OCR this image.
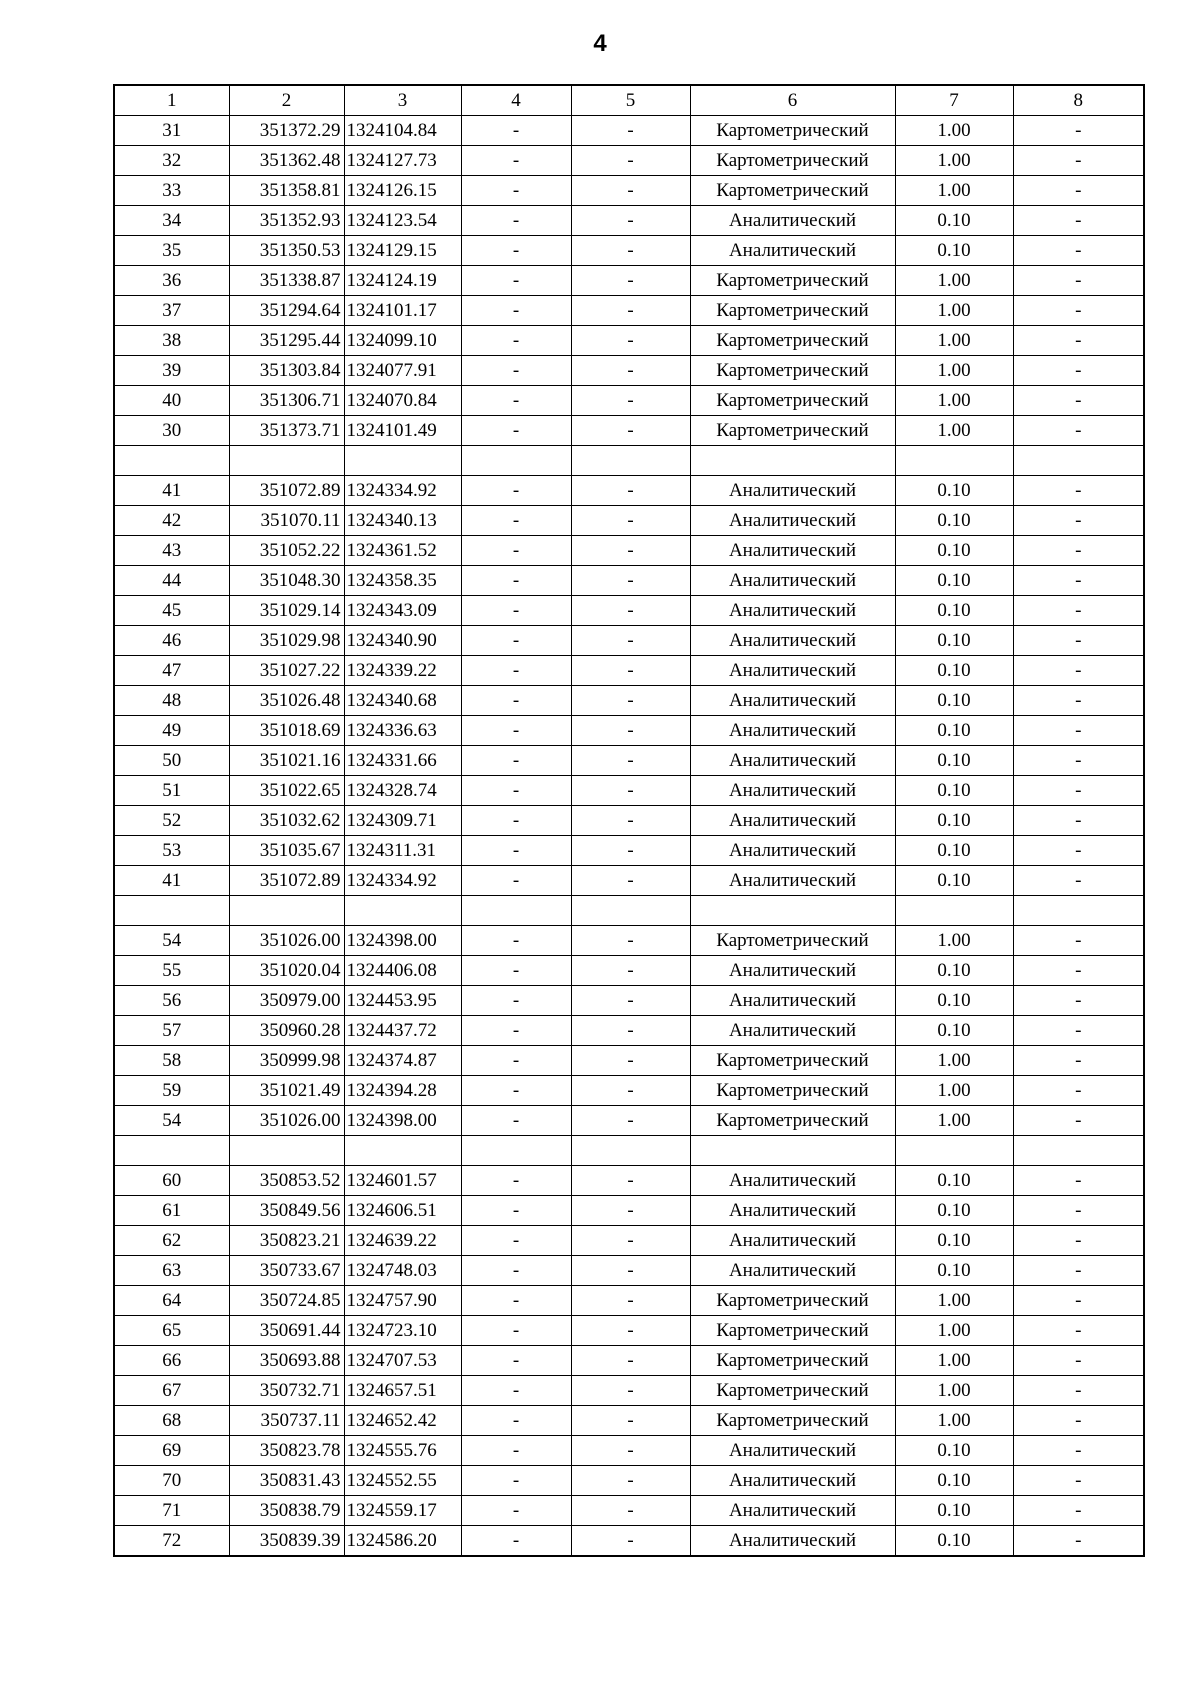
4
1	2	3	4	5	6	7	8
31	351372.29	1324104.84	-	-	Картометрический	1.00	-
32	351362.48	1324127.73	-	-	Картометрический	1.00	-
33	351358.81	1324126.15	-	-	Картометрический	1.00	-
34	351352.93	1324123.54	-	-	Аналитический	0.10	-
35	351350.53	1324129.15	-	-	Аналитический	0.10	-
36	351338.87	1324124.19	-	-	Картометрический	1.00	-
37	351294.64	1324101.17	-	-	Картометрический	1.00	-
38	351295.44	1324099.10	-	-	Картометрический	1.00	-
39	351303.84	1324077.91	-	-	Картометрический	1.00	-
40	351306.71	1324070.84	-	-	Картометрический	1.00	-
30	351373.71	1324101.49	-	-	Картометрический	1.00	-

41	351072.89	1324334.92	-	-	Аналитический	0.10	-
42	351070.11	1324340.13	-	-	Аналитический	0.10	-
43	351052.22	1324361.52	-	-	Аналитический	0.10	-
44	351048.30	1324358.35	-	-	Аналитический	0.10	-
45	351029.14	1324343.09	-	-	Аналитический	0.10	-
46	351029.98	1324340.90	-	-	Аналитический	0.10	-
47	351027.22	1324339.22	-	-	Аналитический	0.10	-
48	351026.48	1324340.68	-	-	Аналитический	0.10	-
49	351018.69	1324336.63	-	-	Аналитический	0.10	-
50	351021.16	1324331.66	-	-	Аналитический	0.10	-
51	351022.65	1324328.74	-	-	Аналитический	0.10	-
52	351032.62	1324309.71	-	-	Аналитический	0.10	-
53	351035.67	1324311.31	-	-	Аналитический	0.10	-
41	351072.89	1324334.92	-	-	Аналитический	0.10	-

54	351026.00	1324398.00	-	-	Картометрический	1.00	-
55	351020.04	1324406.08	-	-	Аналитический	0.10	-
56	350979.00	1324453.95	-	-	Аналитический	0.10	-
57	350960.28	1324437.72	-	-	Аналитический	0.10	-
58	350999.98	1324374.87	-	-	Картометрический	1.00	-
59	351021.49	1324394.28	-	-	Картометрический	1.00	-
54	351026.00	1324398.00	-	-	Картометрический	1.00	-

60	350853.52	1324601.57	-	-	Аналитический	0.10	-
61	350849.56	1324606.51	-	-	Аналитический	0.10	-
62	350823.21	1324639.22	-	-	Аналитический	0.10	-
63	350733.67	1324748.03	-	-	Аналитический	0.10	-
64	350724.85	1324757.90	-	-	Картометрический	1.00	-
65	350691.44	1324723.10	-	-	Картометрический	1.00	-
66	350693.88	1324707.53	-	-	Картометрический	1.00	-
67	350732.71	1324657.51	-	-	Картометрический	1.00	-
68	350737.11	1324652.42	-	-	Картометрический	1.00	-
69	350823.78	1324555.76	-	-	Аналитический	0.10	-
70	350831.43	1324552.55	-	-	Аналитический	0.10	-
71	350838.79	1324559.17	-	-	Аналитический	0.10	-
72	350839.39	1324586.20	-	-	Аналитический	0.10	-
